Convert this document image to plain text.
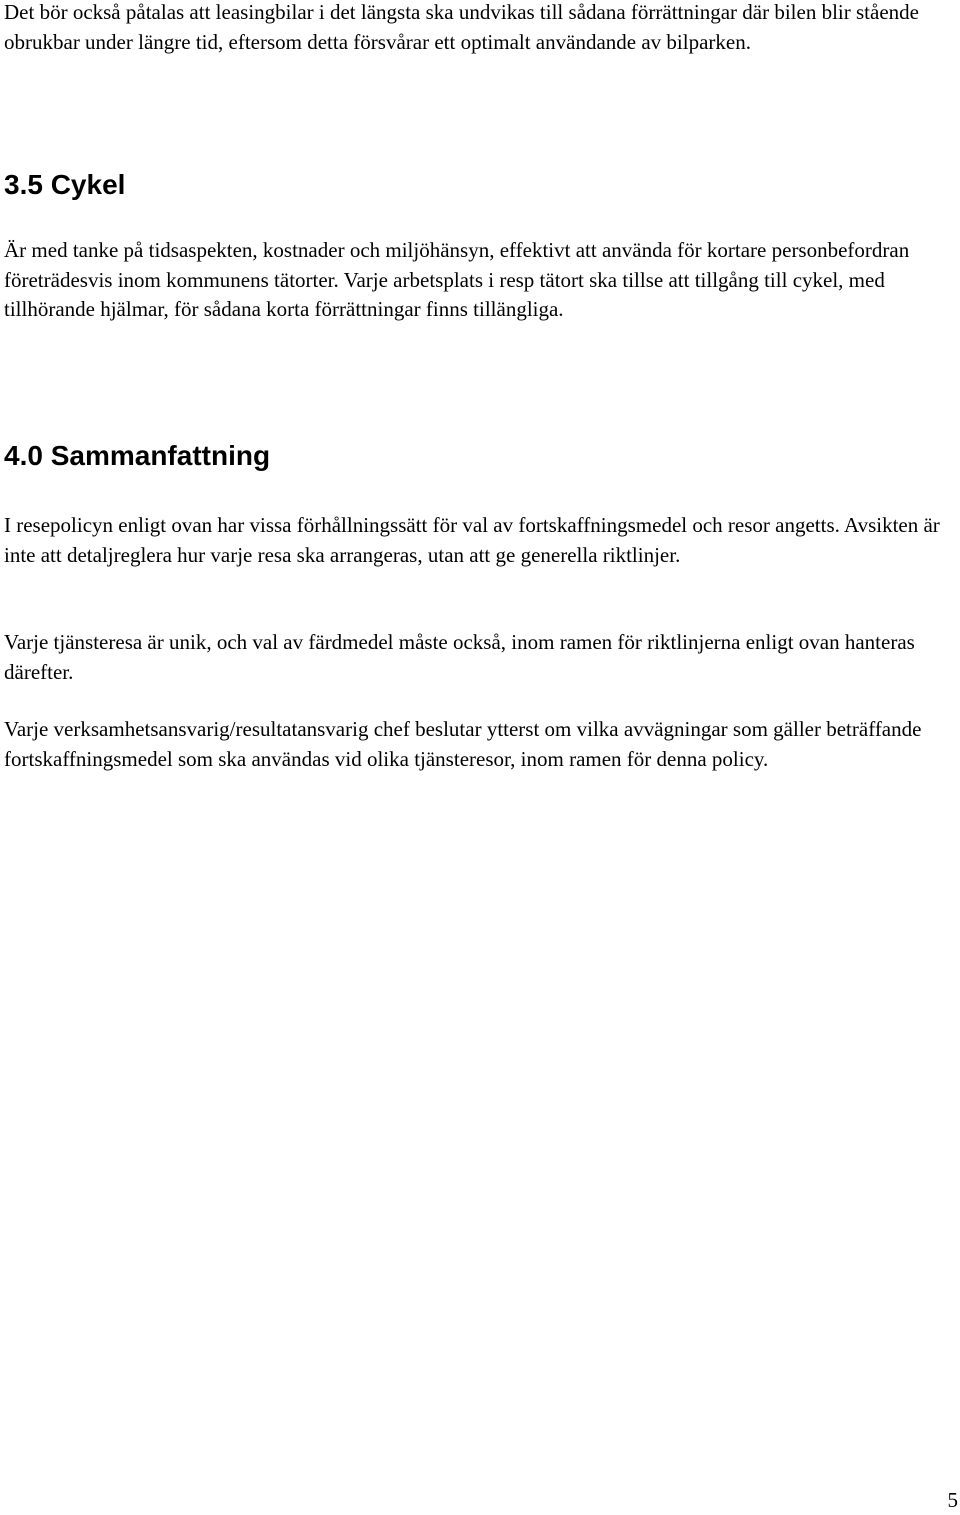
Det bör också påtalas att leasingbilar i det längsta ska undvikas till sådana förrättningar där bilen blir stående obrukbar under längre tid, eftersom detta försvårar ett optimalt användande av bilparken.

3.5 Cykel

Är med tanke på tidsaspekten, kostnader och miljöhänsyn, effektivt att använda för kortare personbefordran företrädesvis inom kommunens tätorter. Varje arbetsplats i resp tätort ska tillse att tillgång till cykel, med tillhörande hjälmar, för sådana korta förrättningar finns tillängliga.

4.0 Sammanfattning

I resepolicyn enligt ovan har vissa förhållningssätt för val av fortskaffningsmedel och resor angetts. Avsikten är inte att detaljreglera hur varje resa ska arrangeras, utan att ge generella riktlinjer.

Varje tjänsteresa är unik, och val av färdmedel måste också, inom ramen för riktlinjerna enligt ovan hanteras därefter.

Varje verksamhetsansvarig/resultatansvarig chef beslutar ytterst om vilka avvägningar som gäller beträffande fortskaffningsmedel som ska användas vid olika tjänsteresor, inom ramen för denna policy.

5
